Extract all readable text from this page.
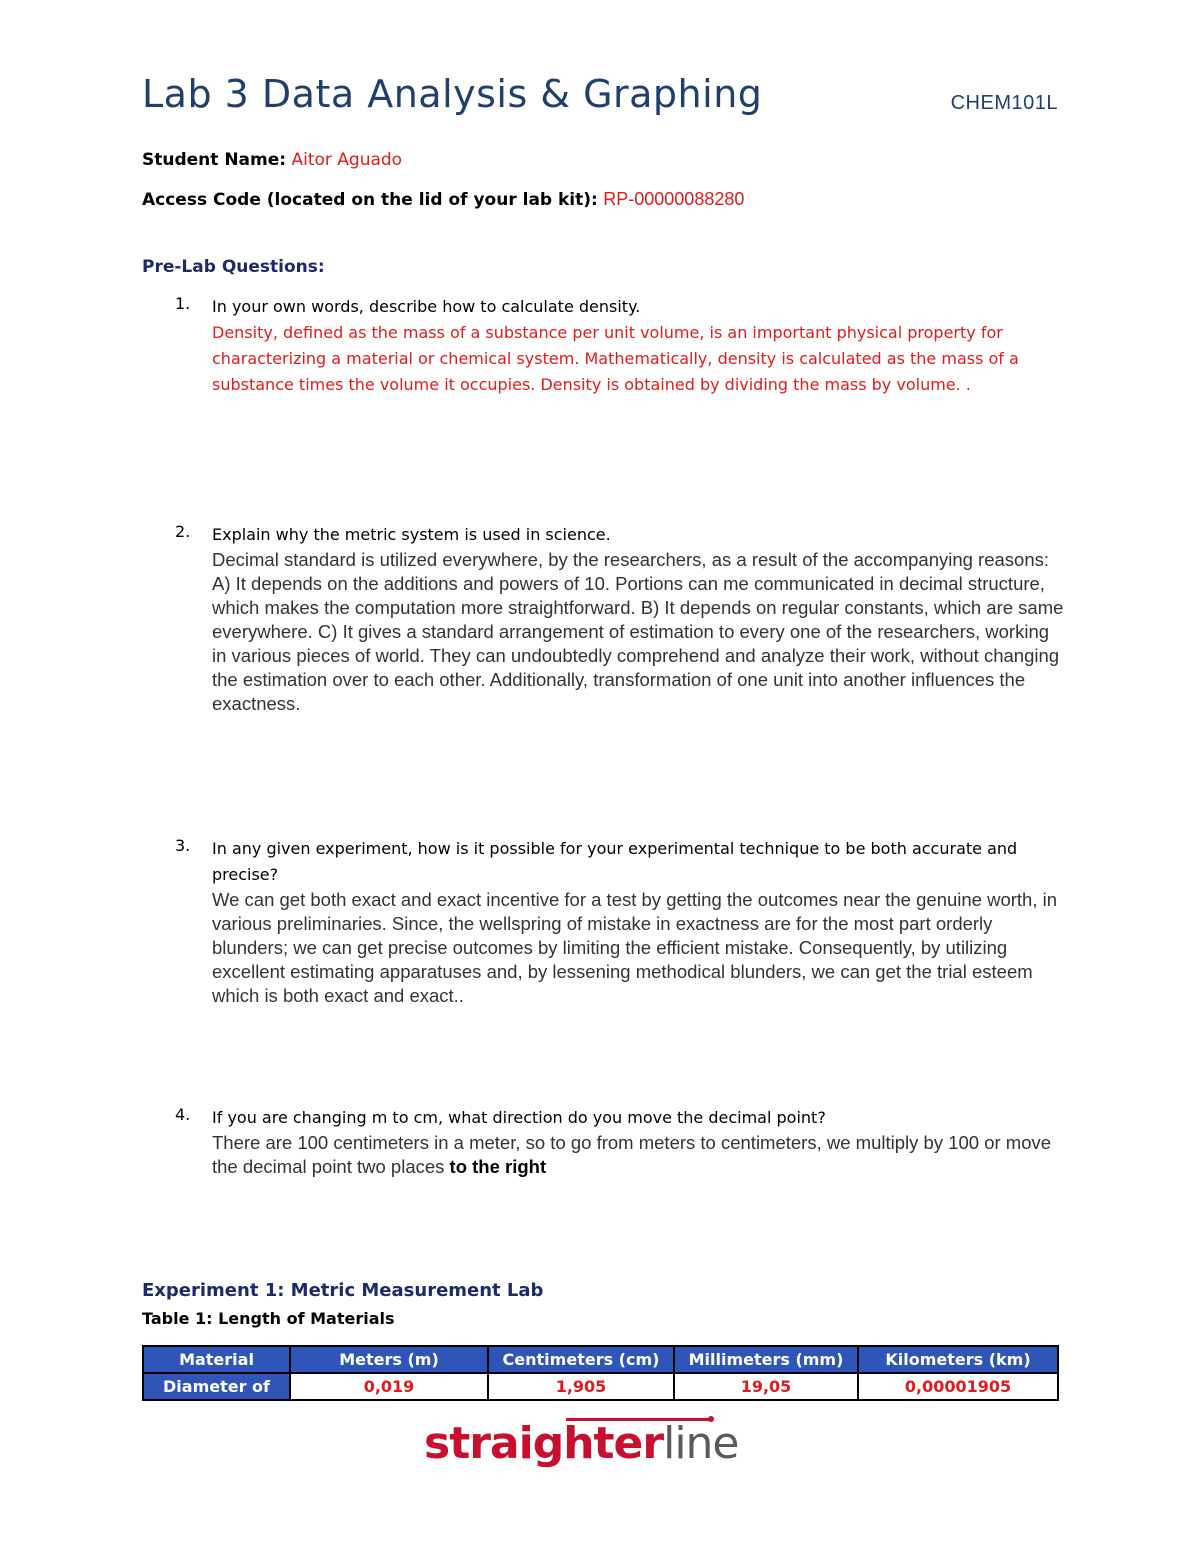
Lab 3 Data Analysis & Graphing	CHEM101L
Student Name: Aitor Aguado
Access Code (located on the lid of your lab kit): RP-00000088280
Pre-Lab Questions:
1. In your own words, describe how to calculate density.
Density, defined as the mass of a substance per unit volume, is an important physical property for characterizing a material or chemical system. Mathematically, density is calculated as the mass of a substance times the volume it occupies. Density is obtained by dividing the mass by volume. .
2. Explain why the metric system is used in science.
Decimal standard is utilized everywhere, by the researchers, as a result of the accompanying reasons: A) It depends on the additions and powers of 10. Portions can me communicated in decimal structure, which makes the computation more straightforward. B) It depends on regular constants, which are same everywhere. C) It gives a standard arrangement of estimation to every one of the researchers, working in various pieces of world. They can undoubtedly comprehend and analyze their work, without changing the estimation over to each other. Additionally, transformation of one unit into another influences the exactness.
3. In any given experiment, how is it possible for your experimental technique to be both accurate and precise?
We can get both exact and exact incentive for a test by getting the outcomes near the genuine worth, in various preliminaries. Since, the wellspring of mistake in exactness are for the most part orderly blunders; we can get precise outcomes by limiting the efficient mistake. Consequently, by utilizing excellent estimating apparatuses and, by lessening methodical blunders, we can get the trial esteem which is both exact and exact..
4. If you are changing m to cm, what direction do you move the decimal point?
There are 100 centimeters in a meter, so to go from meters to centimeters, we multiply by 100 or move the decimal point two places to the right
Experiment 1: Metric Measurement Lab
Table 1: Length of Materials
Material	Meters (m)	Centimeters (cm)	Millimeters (mm)	Kilometers (km)
Diameter of	0,019	1,905	19,05	0,00001905
straighterline
